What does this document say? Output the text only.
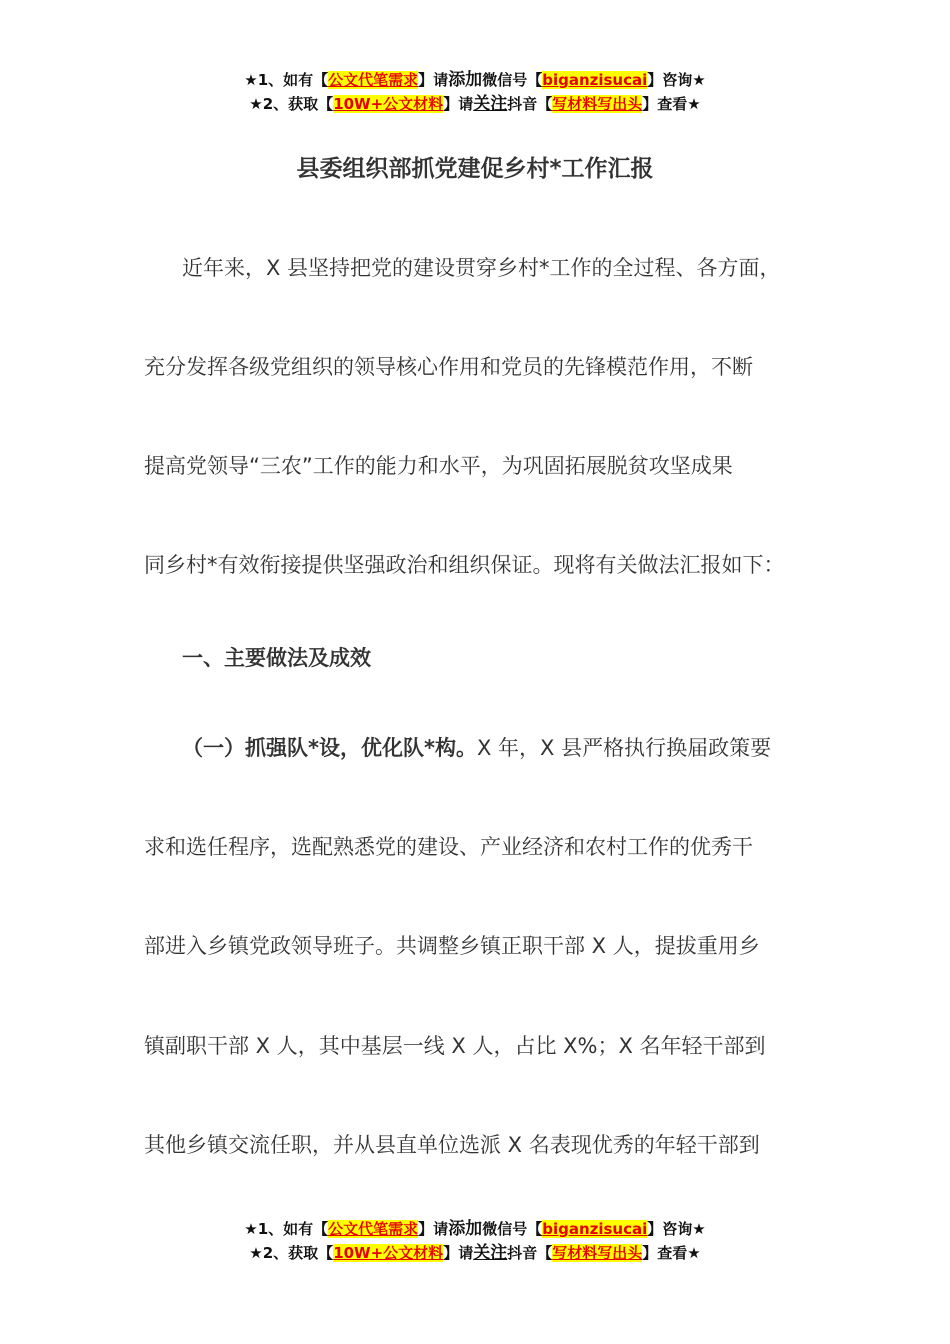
★1、如有【公文代笔需求】请添加微信号【biganzisucai】咨询★
★2、获取【10W+公文材料】请关注抖音【写材料写出头】查看★
县委组织部抓党建促乡村*工作汇报
近年来，X 县坚持把党的建设贯穿乡村*工作的全过程、各方面，
充分发挥各级党组织的领导核心作用和党员的先锋模范作用，不断
提高党领导“三农”工作的能力和水平，为巩固拓展脱贫攻坚成果
同乡村*有效衔接提供坚强政治和组织保证。现将有关做法汇报如下：
一、主要做法及成效
（一）抓强队*设，优化队*构。X 年，X 县严格执行换届政策要
求和选任程序，选配熟悉党的建设、产业经济和农村工作的优秀干
部进入乡镇党政领导班子。共调整乡镇正职干部 X 人，提拔重用乡
镇副职干部 X 人，其中基层一线 X 人，占比 X%；X 名年轻干部到
其他乡镇交流任职，并从县直单位选派 X 名表现优秀的年轻干部到
★1、如有【公文代笔需求】请添加微信号【biganzisucai】咨询★
★2、获取【10W+公文材料】请关注抖音【写材料写出头】查看★
